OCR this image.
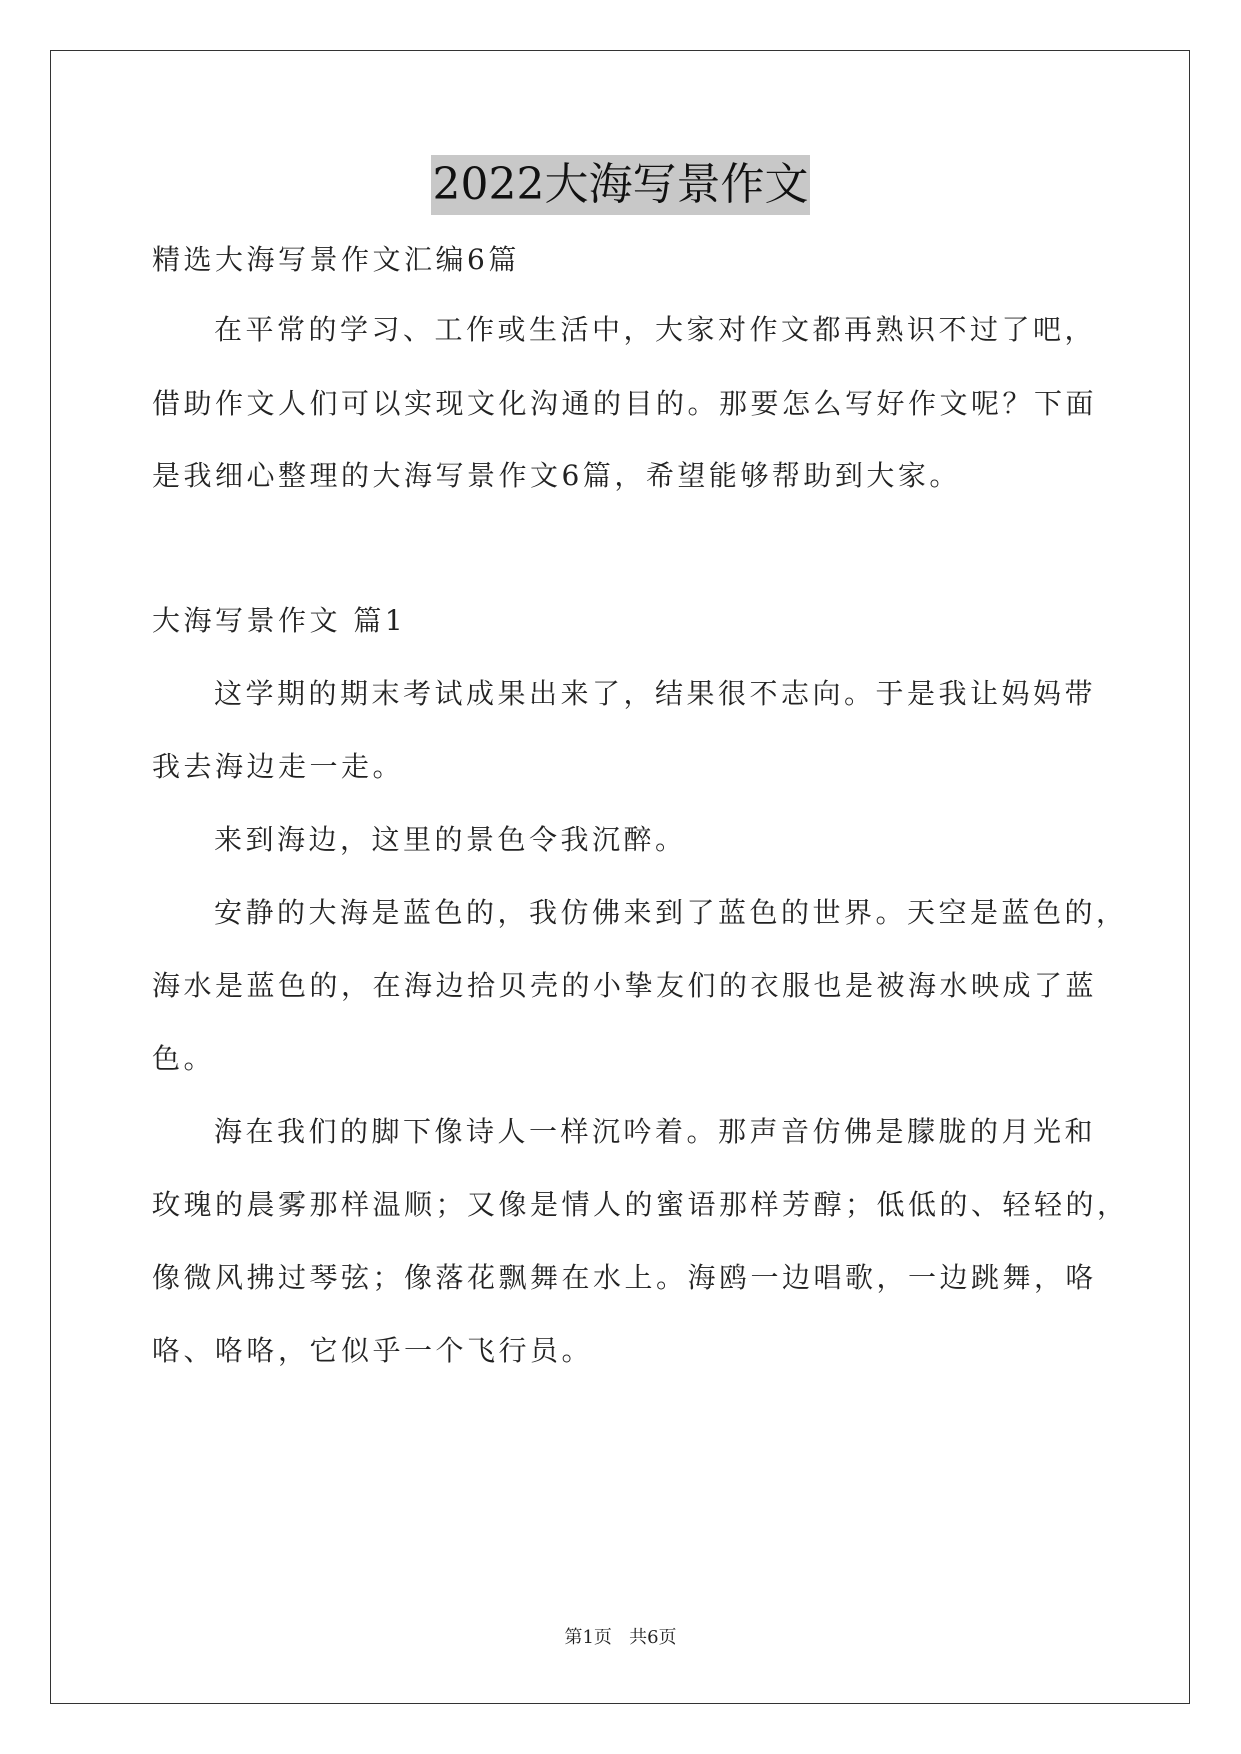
2022大海写景作文
精选大海写景作文汇编6篇
在平常的学习、工作或生活中，大家对作文都再熟识不过了吧，
借助作文人们可以实现文化沟通的目的。那要怎么写好作文呢？下面
是我细心整理的大海写景作文6篇，希望能够帮助到大家。
大海写景作文 篇1
这学期的期末考试成果出来了，结果很不志向。于是我让妈妈带
我去海边走一走。
来到海边，这里的景色令我沉醉。
安静的大海是蓝色的，我仿佛来到了蓝色的世界。天空是蓝色的，
海水是蓝色的，在海边拾贝壳的小挚友们的衣服也是被海水映成了蓝
色。
海在我们的脚下像诗人一样沉吟着。那声音仿佛是朦胧的月光和
玫瑰的晨雾那样温顺；又像是情人的蜜语那样芳醇；低低的、轻轻的，
像微风拂过琴弦；像落花飘舞在水上。海鸥一边唱歌，一边跳舞，咯
咯、咯咯，它似乎一个飞行员。
第1页   共6页
